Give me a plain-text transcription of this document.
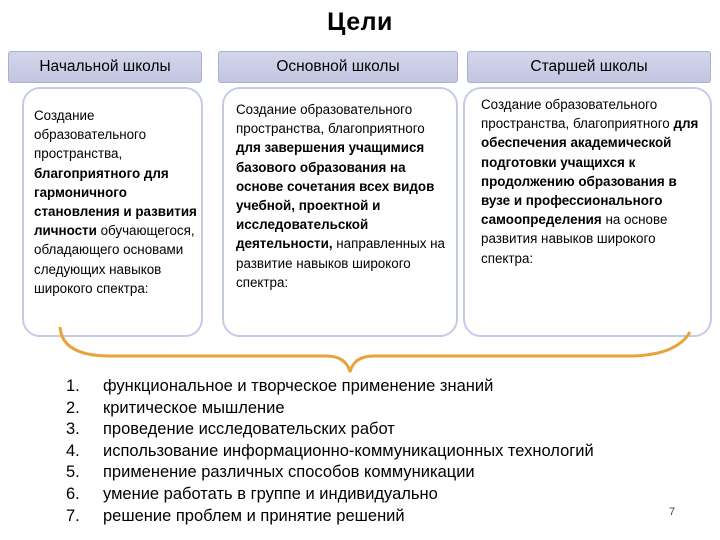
Цели
Начальной школы	Основной школы	Старшей школы
Создание образовательного пространства, благоприятного для гармоничного становления и развития личности обучающегося, обладающего основами следующих навыков широкого спектра:
Создание образовательного пространства, благоприятного для завершения учащимися базового образования на основе сочетания всех видов учебной, проектной и исследовательской деятельности, направленных на развитие навыков широкого спектра:
Создание образовательного пространства, благоприятного для обеспечения академической подготовки учащихся к продолжению образования в вузе и профессионального самоопределения на основе развития навыков широкого спектра:
1.	функциональное и творческое применение знаний
2.	критическое мышление
3.	проведение исследовательских работ
4.	использование информационно-коммуникационных технологий
5.	применение различных способов коммуникации
6.	умение работать в группе и индивидуально
7.	решение проблем и принятие решений	7
